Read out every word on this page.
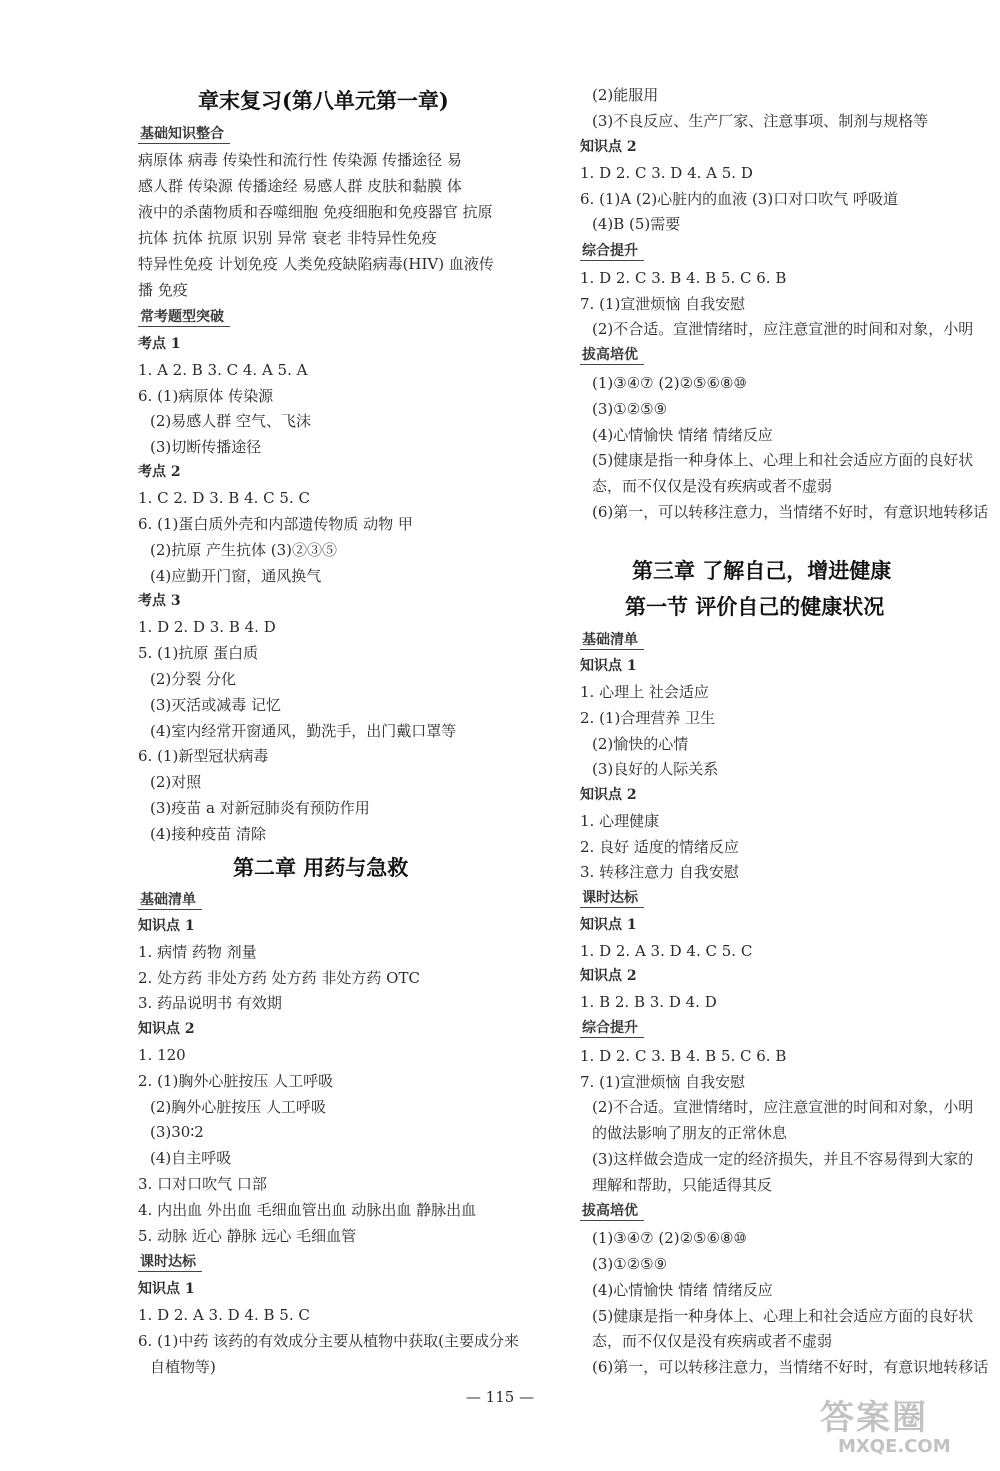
章末复习(第八单元第一章)
基础知识整合
病原体 病毒 传染性和流行性 传染源 传播途径 易
感人群 传染源 传播途经 易感人群 皮肤和黏膜 体
液中的杀菌物质和吞噬细胞 免疫细胞和免疫器官 抗原
抗体 抗体 抗原 识别 异常 衰老 非特异性免疫
特异性免疫 计划免疫 人类免疫缺陷病毒(HIV) 血液传
播 免疫
常考题型突破
考点 1
1. A 2. B 3. C 4. A 5. A
6. (1)病原体 传染源
(2)易感人群 空气、飞沫
(3)切断传播途径
考点 2
1. C 2. D 3. B 4. C 5. C
6. (1)蛋白质外壳和内部遗传物质 动物 甲
(2)抗原 产生抗体 (3)②③⑤
(4)应勤开门窗，通风换气
考点 3
1. D 2. D 3. B 4. D
5. (1)抗原 蛋白质
(2)分裂 分化
(3)灭活或减毒 记忆
(4)室内经常开窗通风，勤洗手，出门戴口罩等
6. (1)新型冠状病毒
(2)对照
(3)疫苗 a 对新冠肺炎有预防作用
(4)接种疫苗 清除
第二章 用药与急救
基础清单
知识点 1
1. 病情 药物 剂量
2. 处方药 非处方药 处方药 非处方药 OTC
3. 药品说明书 有效期
知识点 2
1. 120
2. (1)胸外心脏按压 人工呼吸
(2)胸外心脏按压 人工呼吸
(3)30∶2
(4)自主呼吸
3. 口对口吹气 口部
4. 内出血 外出血 毛细血管出血 动脉出血 静脉出血
5. 动脉 近心 静脉 远心 毛细血管
课时达标
知识点 1
1. D 2. A 3. D 4. B 5. C
6. (1)中药 该药的有效成分主要从植物中获取(主要成分来
自植物等)
(2)能服用
(3)不良反应、生产厂家、注意事项、制剂与规格等
知识点 2
1. D 2. C 3. D 4. A 5. D
6. (1)A (2)心脏内的血液 (3)口对口吹气 呼吸道
(4)B (5)需要
综合提升
1. D 2. C 3. B 4. B 5. C 6. B
7. (1)宣泄烦恼 自我安慰
(2)不合适。宣泄情绪时，应注意宣泄的时间和对象，小明
拔高培优
(1)③④⑦ (2)②⑤⑥⑧⑩
(3)①②⑤⑨
(4)心情愉快 情绪 情绪反应
(5)健康是指一种身体上、心理上和社会适应方面的良好状
态，而不仅仅是没有疾病或者不虚弱
(6)第一，可以转移注意力，当情绪不好时，有意识地转移话
第三章 了解自己，增进健康
第一节 评价自己的健康状况
基础清单
知识点 1
1. 心理上 社会适应
2. (1)合理营养 卫生
(2)愉快的心情
(3)良好的人际关系
知识点 2
1. 心理健康
2. 良好 适度的情绪反应
3. 转移注意力 自我安慰
课时达标
知识点 1
1. D 2. A 3. D 4. C 5. C
知识点 2
1. B 2. B 3. D 4. D
综合提升
1. D 2. C 3. B 4. B 5. C 6. B
7. (1)宣泄烦恼 自我安慰
(2)不合适。宣泄情绪时，应注意宣泄的时间和对象，小明
的做法影响了朋友的正常休息
(3)这样做会造成一定的经济损失，并且不容易得到大家的
理解和帮助，只能适得其反
拔高培优
(1)③④⑦ (2)②⑤⑥⑧⑩
(3)①②⑤⑨
(4)心情愉快 情绪 情绪反应
(5)健康是指一种身体上、心理上和社会适应方面的良好状
态，而不仅仅是没有疾病或者不虚弱
(6)第一，可以转移注意力，当情绪不好时，有意识地转移话
— 115 —
答案圈
MXQE.COM
